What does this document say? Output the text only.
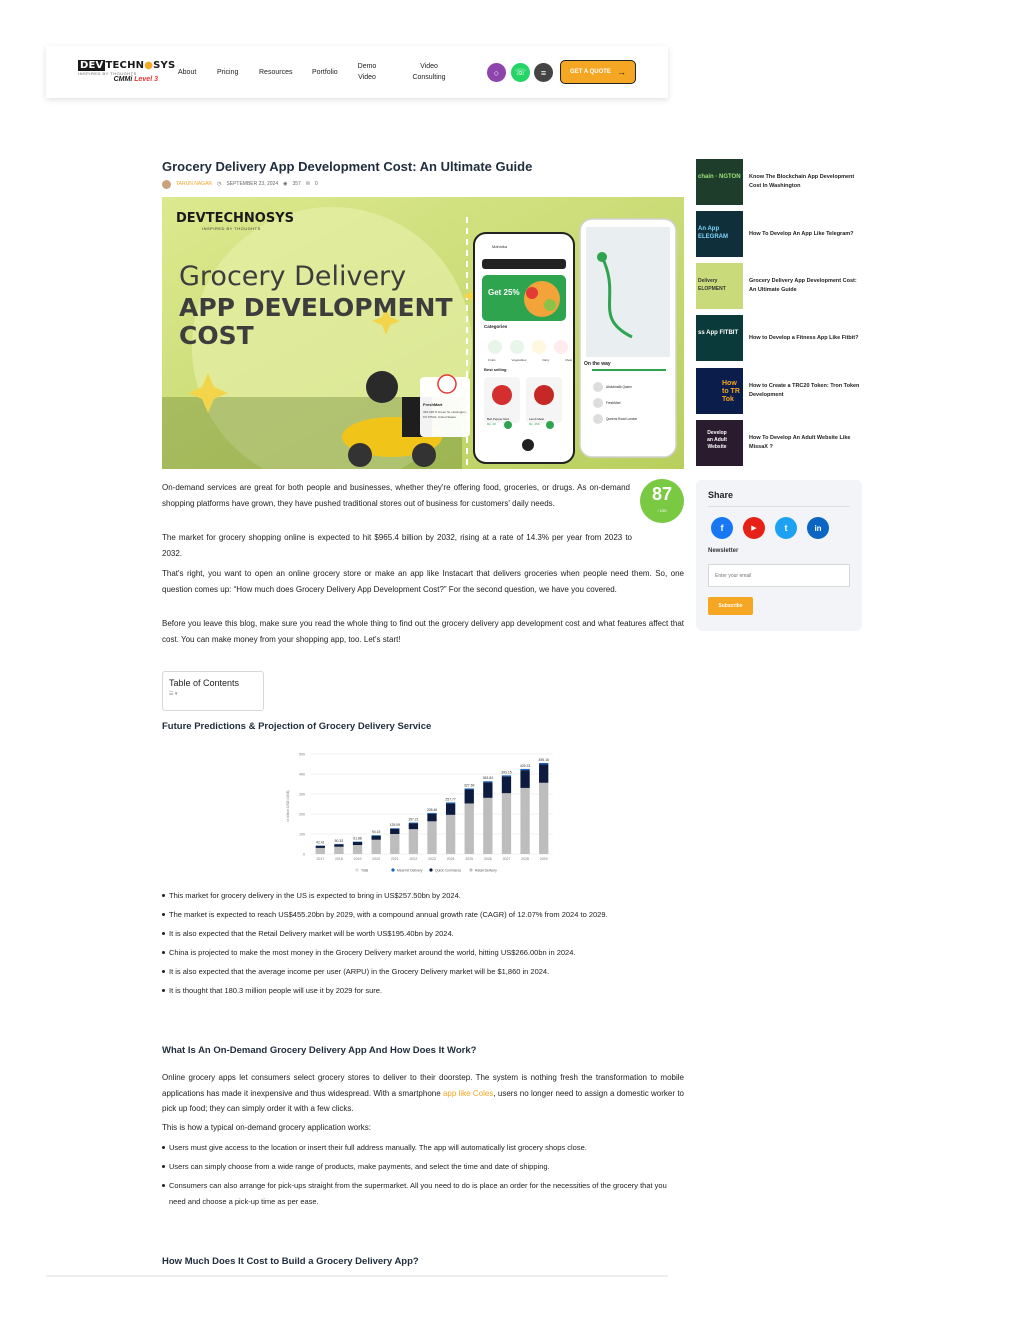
DEV TECHN●SYS
INSPIRED BY THOUGHTS
CMMi Level 3
About	Pricing	Resources	Portfolio
Demo Video
Video Consulting	○	☏	≡	GET A QUOTE →
Grocery Delivery App Development Cost: An Ultimate Guide
TARUN NAGAR ◷ SEPTEMBER 23, 2024 ◉ 357 ✉ 0
DEVTECHNOSYS
INSPIRED BY THOUGHTS
Grocery Delivery
APP DEVELOPMENT
COST
Mahnika
Get 25%
Categories
Fruits	Vegetables	Dairy	Meat
Best selling
Bell Pepper Red
Rp. 40
Lamb Meat
Rp. 459
On the way
Abdulmalik Qasim
FreshMart
Queens Road London
FreshMart
330-198 N Green St, Hoisington, KS 67544, United States

On-demand services are great for both people and businesses, whether they're offering food, groceries, or drugs. As on-demand shopping platforms have grown, they have pushed traditional stores out of business for customers' daily needs.	87
/ 100

The market for grocery shopping online is expected to hit $965.4 billion by 2032, rising at a rate of 14.3% per year from 2023 to 2032.

That's right, you want to open an online grocery store or make an app like Instacart that delivers groceries when people need them. So, one question comes up: “How much does Grocery Delivery App Development Cost?” For the second question, we have you covered.

Before you leave this blog, make sure you read the whole thing to find out the grocery delivery app development cost and what features affect that cost. You can make money from your shopping app, too. Let's start!

Table of Contents
☰ ▾
Future Predictions & Projection of Grocery Delivery Service
0
100
200
300
400
500
in billion USD (US$)
42.41
2017
50.33
2018
61.88
2019
94.15
2020
129.09
2021
157.21
2022
205.46
2023
257.77
2024
327.69
2025
363.84
2026
393.15
2027
425.33
2028
455.16
2029
Total	Meal Kit Delivery	Quick Commerce	Retail Delivery
This market for grocery delivery in the US is expected to bring in US$257.50bn by 2024.
The market is expected to reach US$455.20bn by 2029, with a compound annual growth rate (CAGR) of 12.07% from 2024 to 2029.
It is also expected that the Retail Delivery market will be worth US$195.40bn by 2024.
China is projected to make the most money in the Grocery Delivery market around the world, hitting US$266.00bn in 2024.
It is also expected that the average income per user (ARPU) in the Grocery Delivery market will be $1,860 in 2024.
It is thought that 180.3 million people will use it by 2029 for sure.
What Is An On-Demand Grocery Delivery App And How Does It Work?

Online grocery apps let consumers select grocery stores to deliver to their doorstep. The system is nothing fresh the transformation to mobile applications has made it inexpensive and thus widespread. With a smartphone app like Coles, users no longer need to assign a domestic worker to pick up food; they can simply order it with a few clicks.

This is how a typical on-demand grocery application works:

Users must give access to the location or insert their full address manually. The app will automatically list grocery shops close.
Users can simply choose from a wide range of products, make payments, and select the time and date of shipping.
Consumers can also arrange for pick-ups straight from the supermarket. All you need to do is place an order for the necessities of the grocery that you need and choose a pick-up time as per ease.
How Much Does It Cost to Build a Grocery Delivery App?
chain · NGTON Know The Blockchain App Development Cost In Washington
An App ELEGRAM
How To Develop An App Like Telegram?
Delivery ELOPMENT
Grocery Delivery App Development Cost: An Ultimate Guide
ss App FITBIT
How to Develop a Fitness App Like Fitbit?
How to TR Tok
How to Create a TRC20 Token: Tron Token Development
Develop an Adult Website
How To Develop An Adult Website Like MissaX ?
Share
f	▶	t	in
Newsletter
Enter your email
Subscribe
